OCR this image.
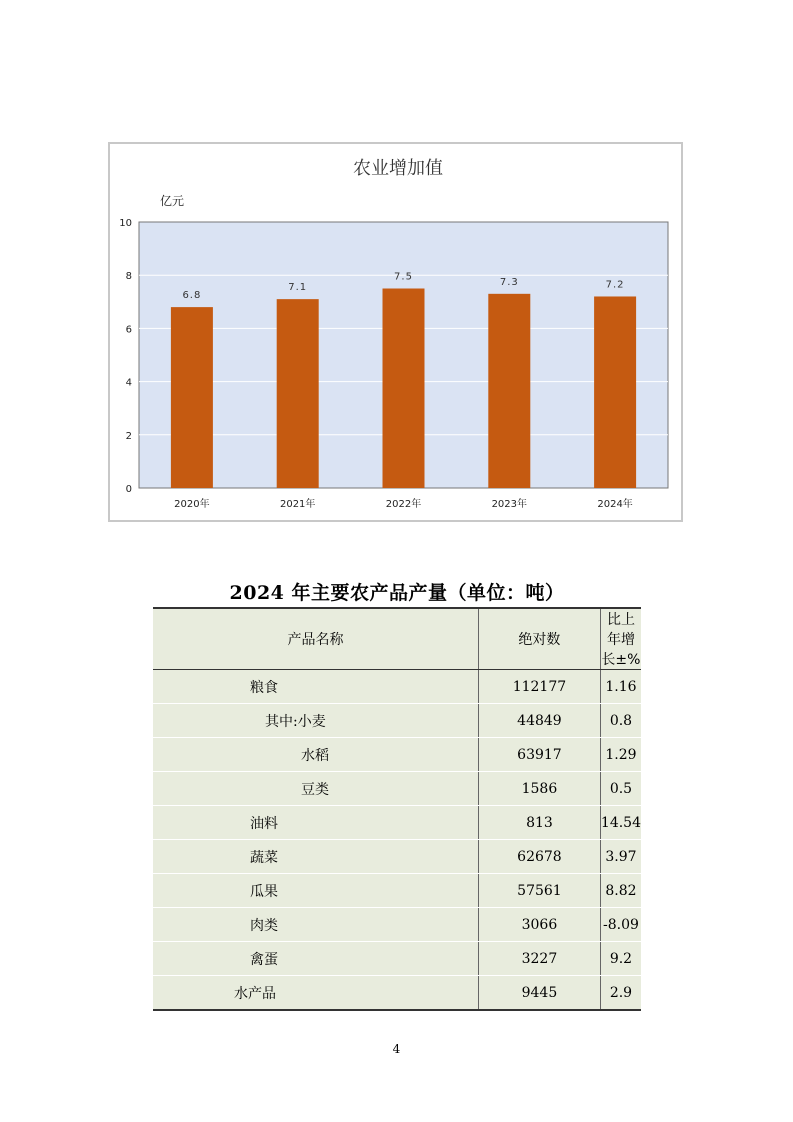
农业增加值
亿元
0
2
4
6
8
10
6.8
7.1
7.5	7.3	7.2
2020年	2021年	2022年	2023年	2024年
2024 年主要农产品产量（单位：吨）
产品名称	绝对数	比上年增长±%
粮食	112177	1.16
其中:小麦	44849	0.8
水稻	63917	1.29
豆类	1586	0.5
油料	813	14.54
蔬菜	62678	3.97
瓜果	57561	8.82
肉类	3066	-8.09
禽蛋	3227	9.2
水产品	9445	2.9
4
